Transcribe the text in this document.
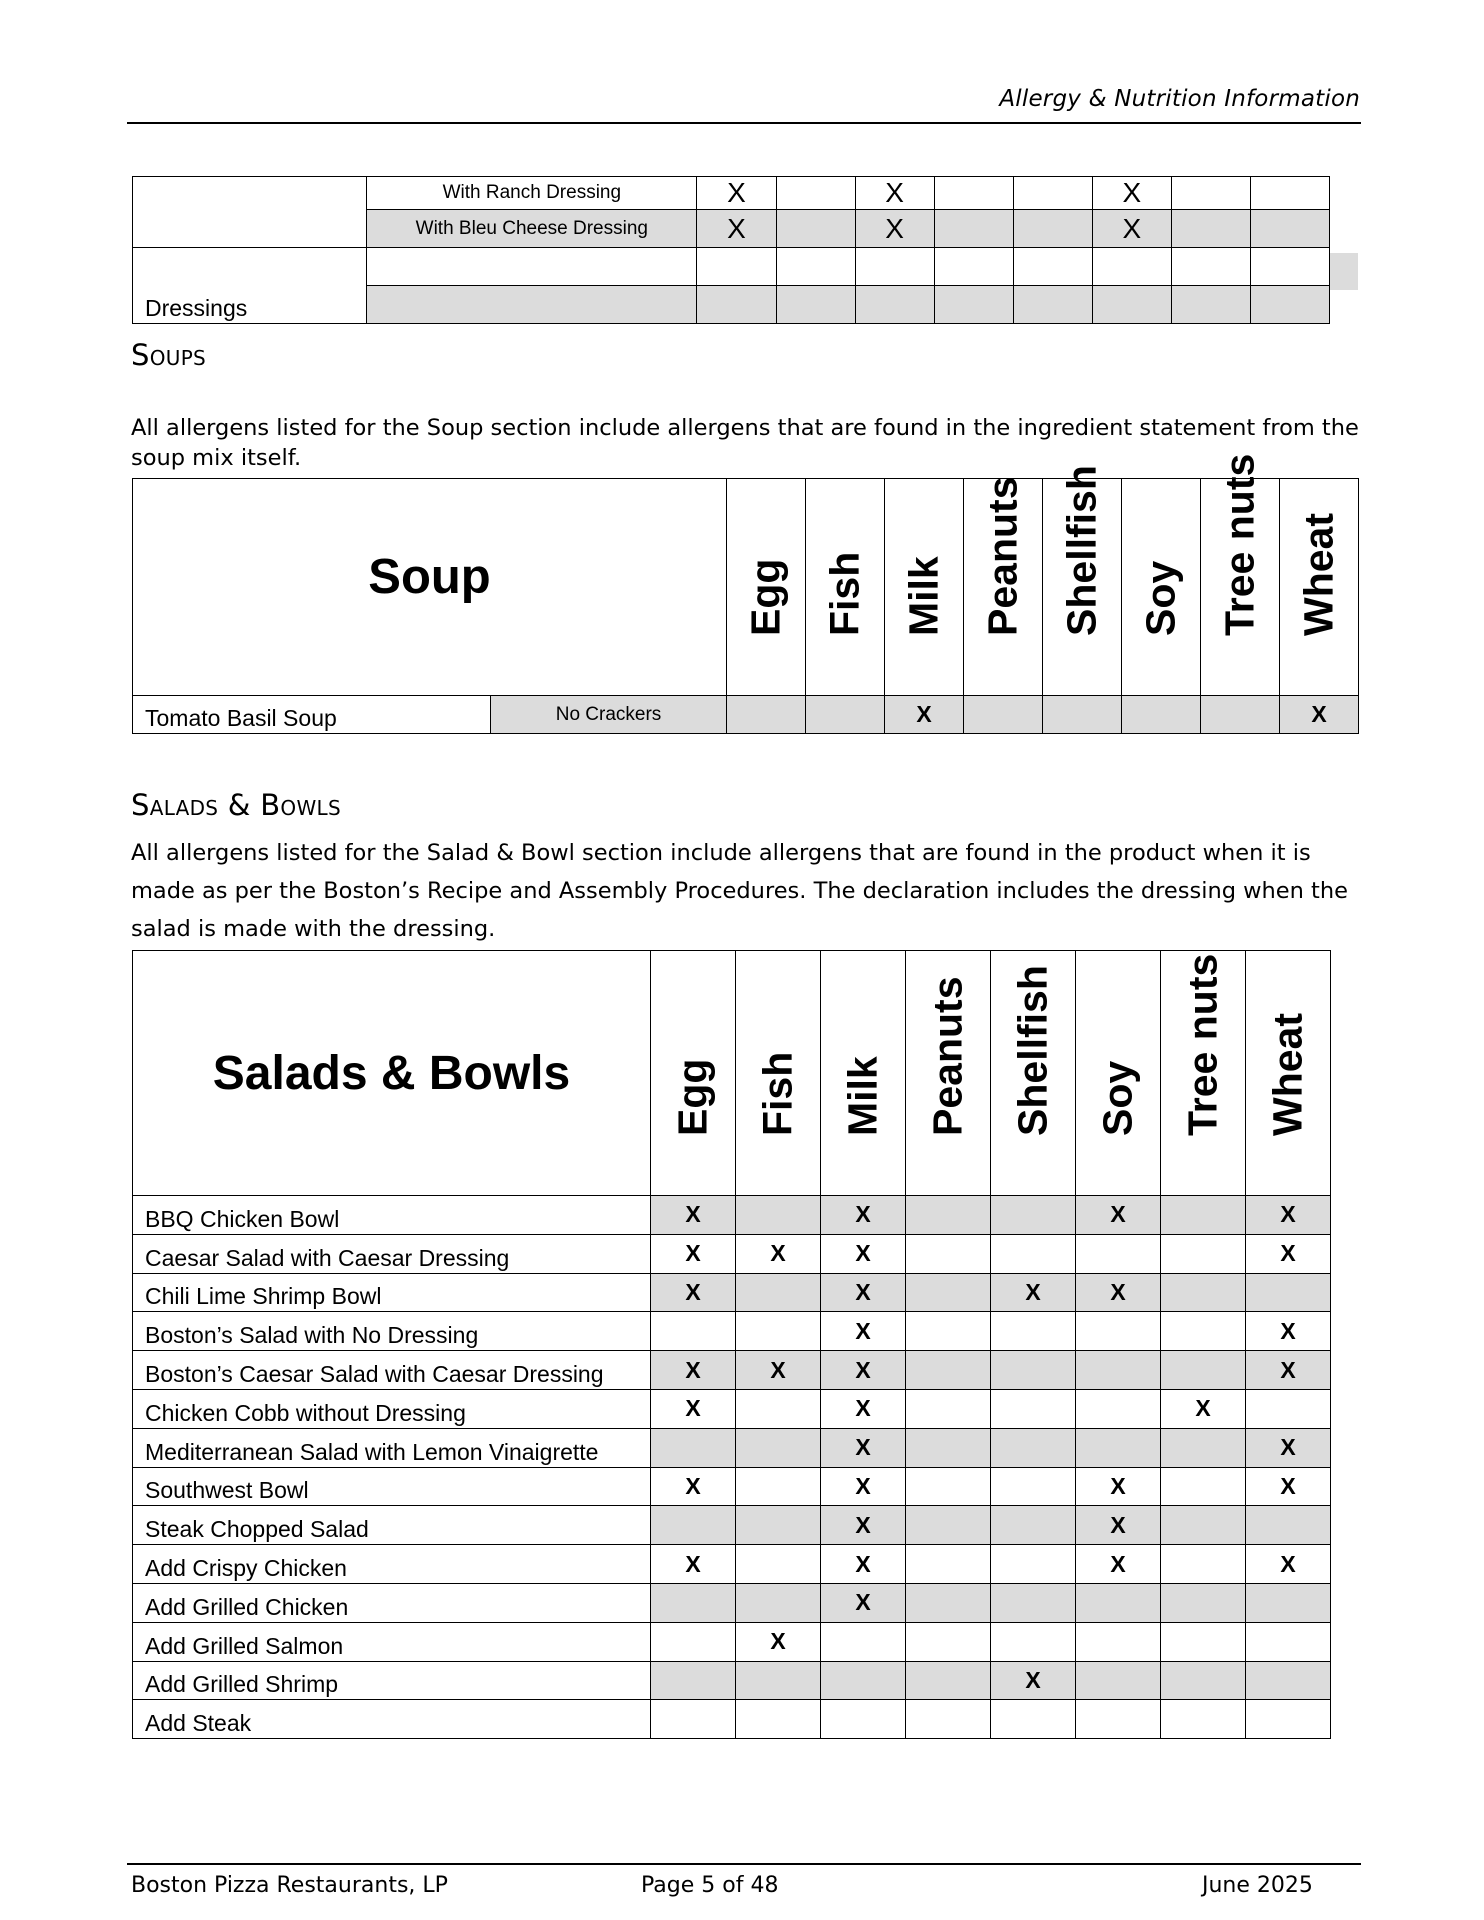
Allergy & Nutrition Information
	With Ranch Dressing	X		X			X		
	With Bleu Cheese Dressing	X		X			X		
Dressings									

Soups
All allergens listed for the Soup section include allergens that are found in the ingredient statement from the soup mix itself.
Soup		Egg	Fish	Milk	Peanuts	Shellfish	Soy	Tree nuts	Wheat

Tomato Basil Soup	No Crackers			X					X
Salads & Bowls
All allergens listed for the Salad & Bowl section include allergens that are found in the product when it is made as per the Boston’s Recipe and Assembly Procedures. The declaration includes the dressing when the salad is made with the dressing.
Salads & Bowls	Egg	Fish	Milk	Peanuts	Shellfish	Soy	Tree nuts	Wheat

BBQ Chicken Bowl	X		X			X		X
Caesar Salad with Caesar Dressing	X	X	X					X
Chili Lime Shrimp Bowl	X		X		X	X		
Boston’s Salad with No Dressing			X					X
Boston’s Caesar Salad with Caesar Dressing	X	X	X					X
Chicken Cobb without Dressing	X		X				X	
Mediterranean Salad with Lemon Vinaigrette			X					X
Southwest Bowl	X		X			X		X
Steak Chopped Salad			X			X		
Add Crispy Chicken	X		X			X		X
Add Grilled Chicken			X					
Add Grilled Salmon		X						
Add Grilled Shrimp					X			
Add Steak								
Boston Pizza Restaurants, LP	Page 5 of 48	June 2025
